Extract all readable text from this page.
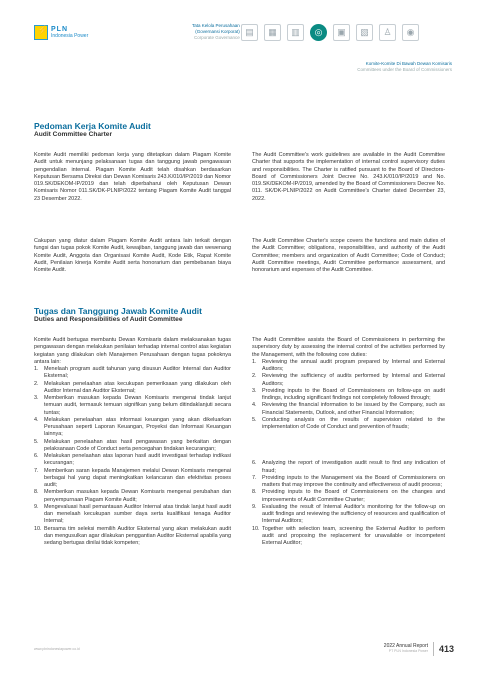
⚡
PLN
Indonesia Power
Tata Kelola Perusahaan
(Governansi Korporat)
Corporate Governance
▤	▦	▥	◎	▣	▧	♙	◉
Komite-Komite Di Bawah Dewan Komisaris
Committees under the Board of Commissioners
Pedoman Kerja Komite Audit
Audit Committee Charter

Komite Audit memiliki pedoman kerja yang ditetapkan dalam Piagam Komite Audit untuk menunjang pelaksanaan tugas dan tanggung jawab pengawasan pengendalian internal. Piagam Komite Audit telah disahkan berdasarkan Keputusan Bersama Direksi dan Dewan Komisaris 243.K/010/IP/2019 dan Nomor 019.SK/DEKOM-IP/2019 dan telah diperbaharui oleh Keputusan Dewan Komisaris Nomor 011.SK/DK-PLNIP/2022 tentang Piagam Komite Audit tanggal 23 Desember 2022.

Cakupan yang diatur dalam Piagam Komite Audit antara lain terkait dengan fungsi dan tugas pokok Komite Audit, kewajiban, tanggung jawab dan wewenang Komite Audit, Anggota dan Organisasi Komite Audit, Kode Etik, Rapat Komite Audit, Penilaian kinerja Komite Audit serta honorarium dan pembebanan biaya Komite Audit.

The Audit Committee's work guidelines are available in the Audit Committee Charter that supports the implementation of internal control supervisory duties and responsibilities. The Charter is ratified pursuant to the Board of Directors-Board of Commissioners Joint Decree No. 243.K/010/IP/2019 and No. 019.SK/DEKOM-IP/2019, amended by the Board of Commissioners Decree No. 011. SK/DK-PLNIP/2022 on Audit Committee's Charter dated December 23, 2022.

The Audit Committee Charter's scope covers the functions and main duties of the Audit Committee; obligations, responsibilities, and authority of the Audit Committee; members and organization of Audit Committee; Code of Conduct; Audit Committee meetings, Audit Committee performance assessment, and honorarium and expenses of the Audit Committee.

Tugas dan Tanggung Jawab Komite Audit
Duties and Responsibilities of Audit Committee

Komite Audit bertugas membantu Dewan Komisaris dalam melaksanakan tugas pengawasan dengan melakukan penilaian terhadap internal control atas kegiatan kegiatan yang dilakukan oleh Manajemen Perusahaan dengan tugas pokoknya antara lain:

1. Menelaah program audit tahunan yang disusun Auditor Internal dan Auditor Eksternal;
2. Melakukan penelaahan atas kecukupan pemeriksaan yang dilakukan oleh Auditor Internal dan Auditor Eksternal;
3. Memberikan masukan kepada Dewan Komisaris mengenai tindak lanjut temuan audit, termasuk temuan signifikan yang belum ditindaklanjuti secara tuntas;
4. Melakukan penelaahan atas informasi keuangan yang akan dikeluarkan Perusahaan seperti Laporan Keuangan, Proyeksi dan Informasi Keuangan lainnya;
5. Melakukan penelaahan atas hasil pengawasan yang berkaitan dengan pelaksanaan Code of Conduct serta pencegahan tindakan kecurangan;
6. Melakukan penelaahan atas laporan hasil audit investigasi terhadap indikasi kecurangan;
7. Memberikan saran kepada Manajemen melalui Dewan Komisaris mengenai berbagai hal yang dapat meningkatkan kelancaran dan efektivitas proses audit;
8. Memberikan masukan kepada Dewan Komisaris mengenai perubahan dan penyempurnaan Piagam Komite Audit;
9. Mengevaluasi hasil pemantauan Auditor Internal atas tindak lanjut hasil audit dan menelaah kecukupan sumber daya serta kualifikasi tenaga Auditor Internal;
10. Bersama tim seleksi memilih Auditor Eksternal yang akan melakukan audit dan mengusulkan agar dilakukan penggantian Auditor Eksternal apabila yang sedang bertugas dinilai tidak kompeten;

The Audit Committee assists the Board of Commissioners in performing the supervisory duty by assessing the internal control of the activities performed by the Management, with the following core duties:

1. Reviewing the annual audit program prepared by Internal and External Auditors;
2. Reviewing the sufficiency of audits performed by Internal and External Auditors;
3. Providing inputs to the Board of Commissioners on follow-ups on audit findings, including significant findings not completely followed through;
4. Reviewing the financial information to be issued by the Company, such as Financial Statements, Outlook, and other Financial Information;
5. Conducting analysis on the results of supervision related to the implementation of Code of Conduct and prevention of frauds;
6. Analyzing the report of investigation audit result to find any indication of fraud;
7. Providing inputs to the Management via the Board of Commissioners on matters that may improve the continuity and effectiveness of audit process;
8. Providing inputs to the Board of Commissioners on the changes and improvements of Audit Committee Charter;
9. Evaluating the result of Internal Auditor's monitoring for the follow-up on audit findings and reviewing the sufficiency of resources and qualification of Internal Auditors;
10. Together with selection team, screening the External Auditor to perform audit and proposing the replacement for unavailable or incompetent External Auditor;
www.plnindonesiapower.co.id	2022 Annual Report
PT PLN Indonesia Power 413
